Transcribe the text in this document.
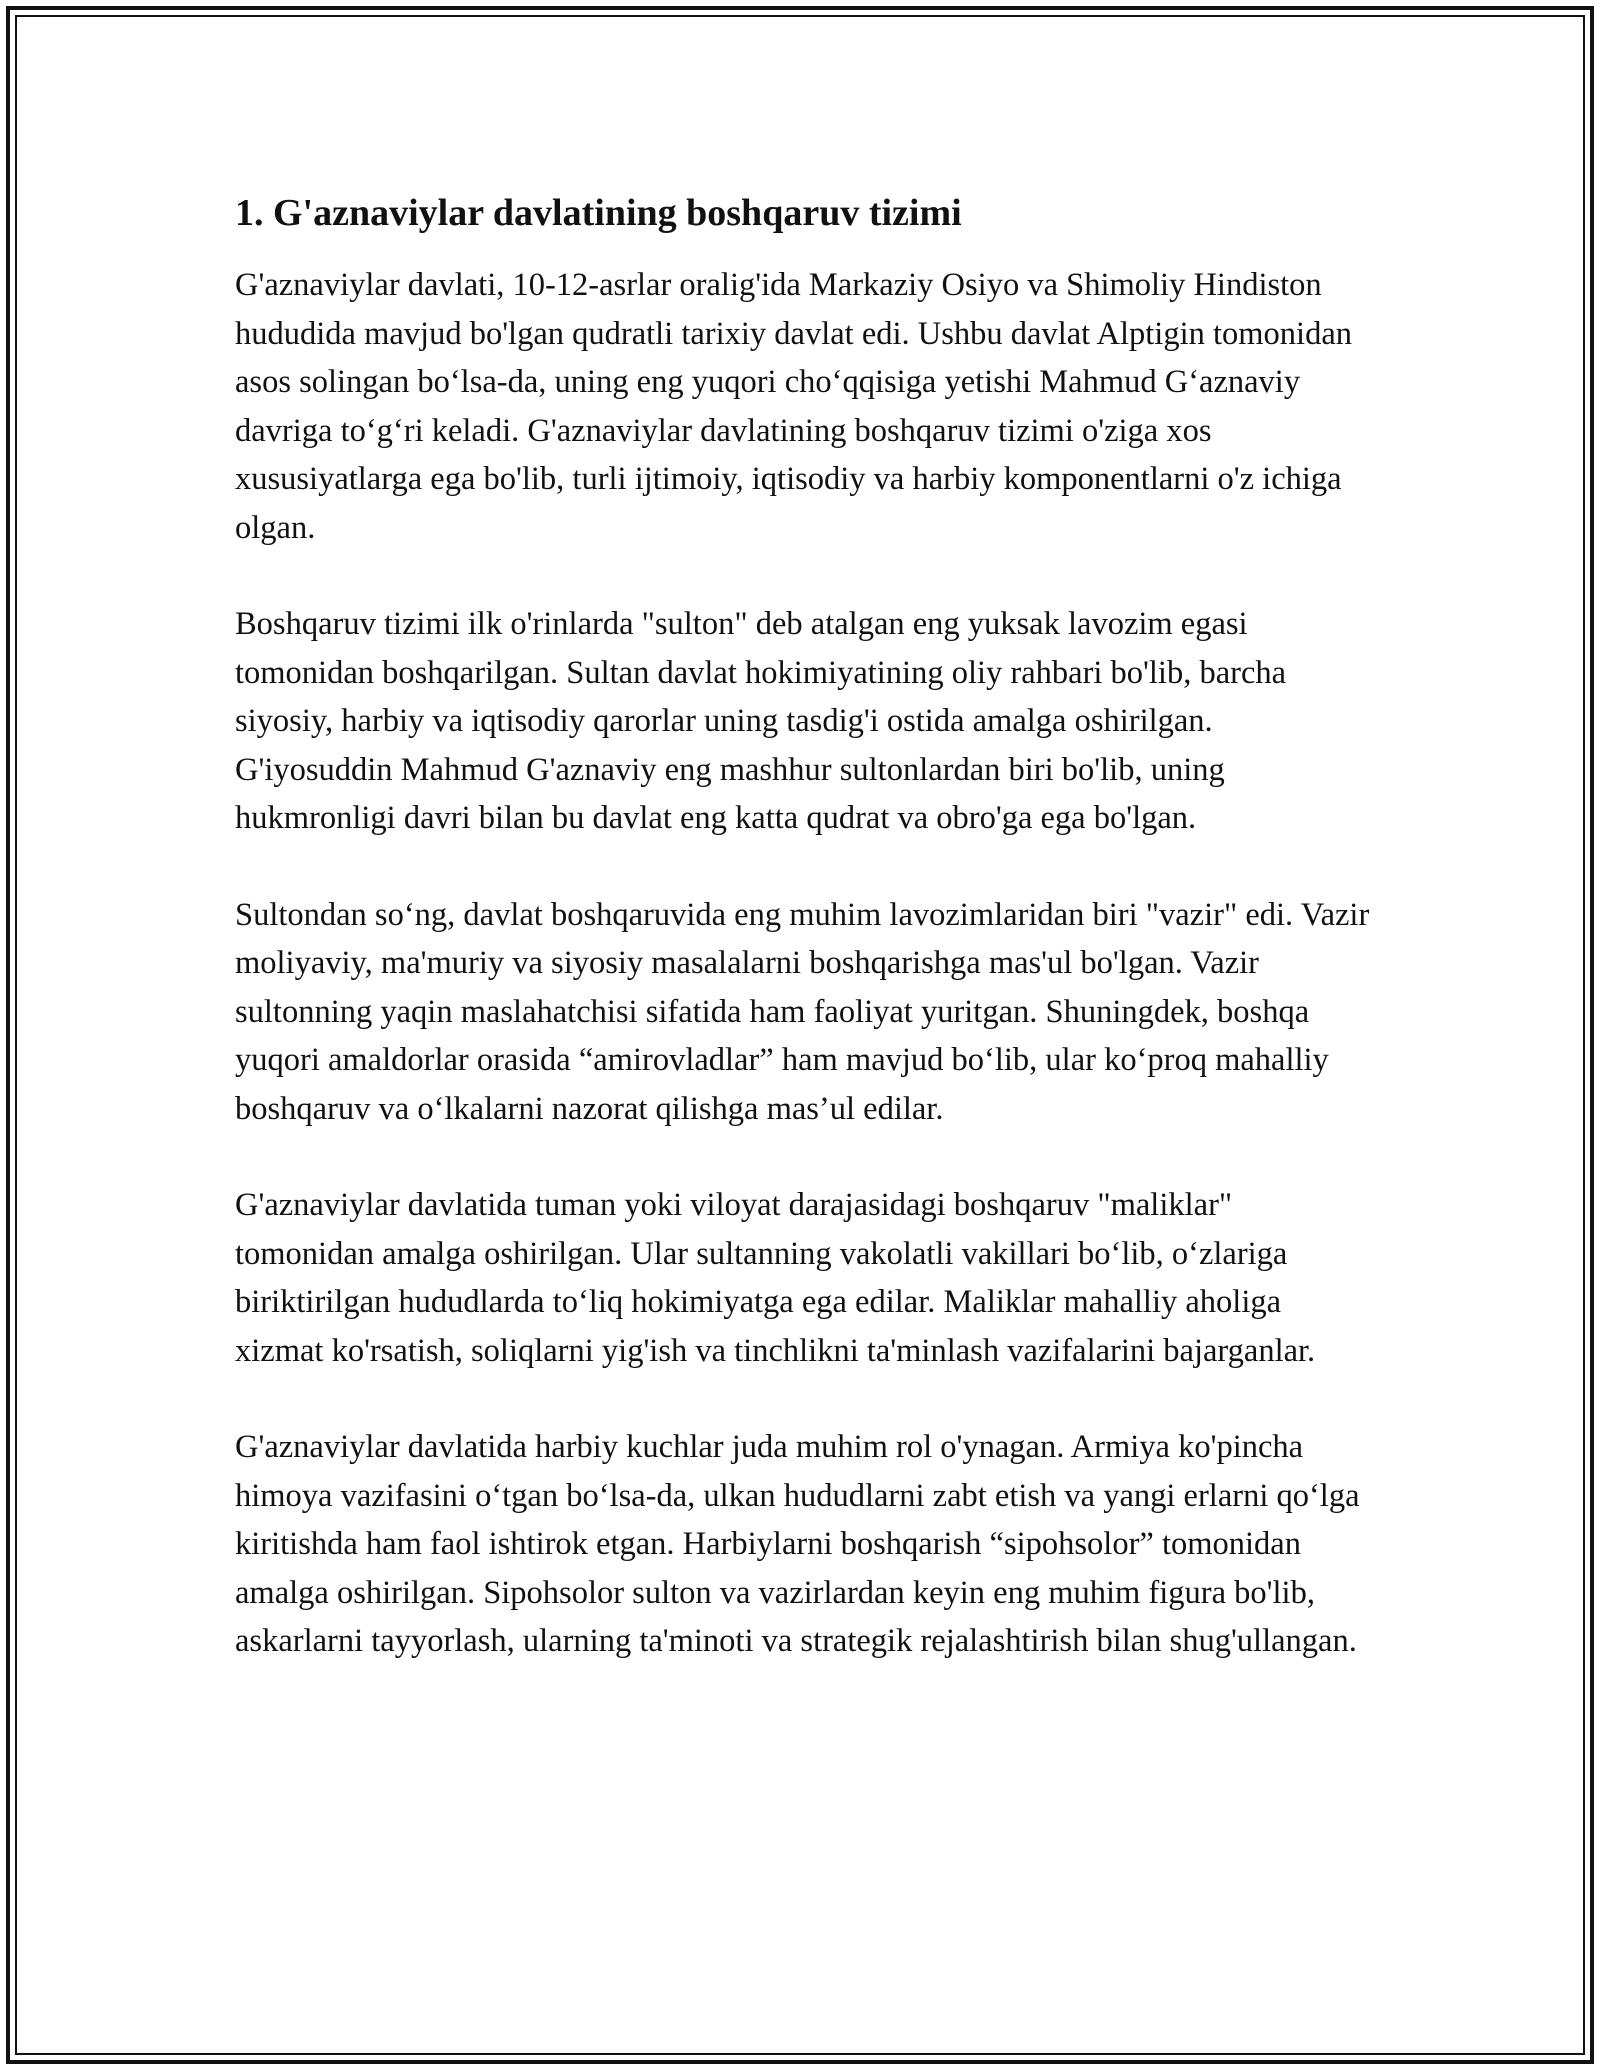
1. G'aznaviylar davlatining boshqaruv tizimi

G'aznaviylar davlati, 10-12-asrlar oralig'ida Markaziy Osiyo va Shimoliy Hindiston hududida mavjud bo'lgan qudratli tarixiy davlat edi. Ushbu davlat Alptigin tomonidan asos solingan bo‘lsa-da, uning eng yuqori cho‘qqisiga yetishi Mahmud G‘aznaviy davriga to‘g‘ri keladi. G'aznaviylar davlatining boshqaruv tizimi o'ziga xos xususiyatlarga ega bo'lib, turli ijtimoiy, iqtisodiy va harbiy komponentlarni o'z ichiga olgan.

Boshqaruv tizimi ilk o'rinlarda "sulton" deb atalgan eng yuksak lavozim egasi tomonidan boshqarilgan. Sultan davlat hokimiyatining oliy rahbari bo'lib, barcha siyosiy, harbiy va iqtisodiy qarorlar uning tasdig'i ostida amalga oshirilgan. G'iyosuddin Mahmud G'aznaviy eng mashhur sultonlardan biri bo'lib, uning hukmronligi davri bilan bu davlat eng katta qudrat va obro'ga ega bo'lgan.

Sultondan so‘ng, davlat boshqaruvida eng muhim lavozimlaridan biri "vazir" edi. Vazir moliyaviy, ma'muriy va siyosiy masalalarni boshqarishga mas'ul bo'lgan. Vazir sultonning yaqin maslahatchisi sifatida ham faoliyat yuritgan. Shuningdek, boshqa yuqori amaldorlar orasida “amirovladlar” ham mavjud bo‘lib, ular ko‘proq mahalliy boshqaruv va o‘lkalarni nazorat qilishga mas’ul edilar.

G'aznaviylar davlatida tuman yoki viloyat darajasidagi boshqaruv "maliklar" tomonidan amalga oshirilgan. Ular sultanning vakolatli vakillari bo‘lib, o‘zlariga biriktirilgan hududlarda to‘liq hokimiyatga ega edilar. Maliklar mahalliy aholiga xizmat ko'rsatish, soliqlarni yig'ish va tinchlikni ta'minlash vazifalarini bajarganlar.

G'aznaviylar davlatida harbiy kuchlar juda muhim rol o'ynagan. Armiya ko'pincha himoya vazifasini o‘tgan bo‘lsa-da, ulkan hududlarni zabt etish va yangi erlarni qo‘lga kiritishda ham faol ishtirok etgan. Harbiylarni boshqarish “sipohsolor” tomonidan amalga oshirilgan. Sipohsolor sulton va vazirlardan keyin eng muhim figura bo'lib, askarlarni tayyorlash, ularning ta'minoti va strategik rejalashtirish bilan shug'ullangan.
